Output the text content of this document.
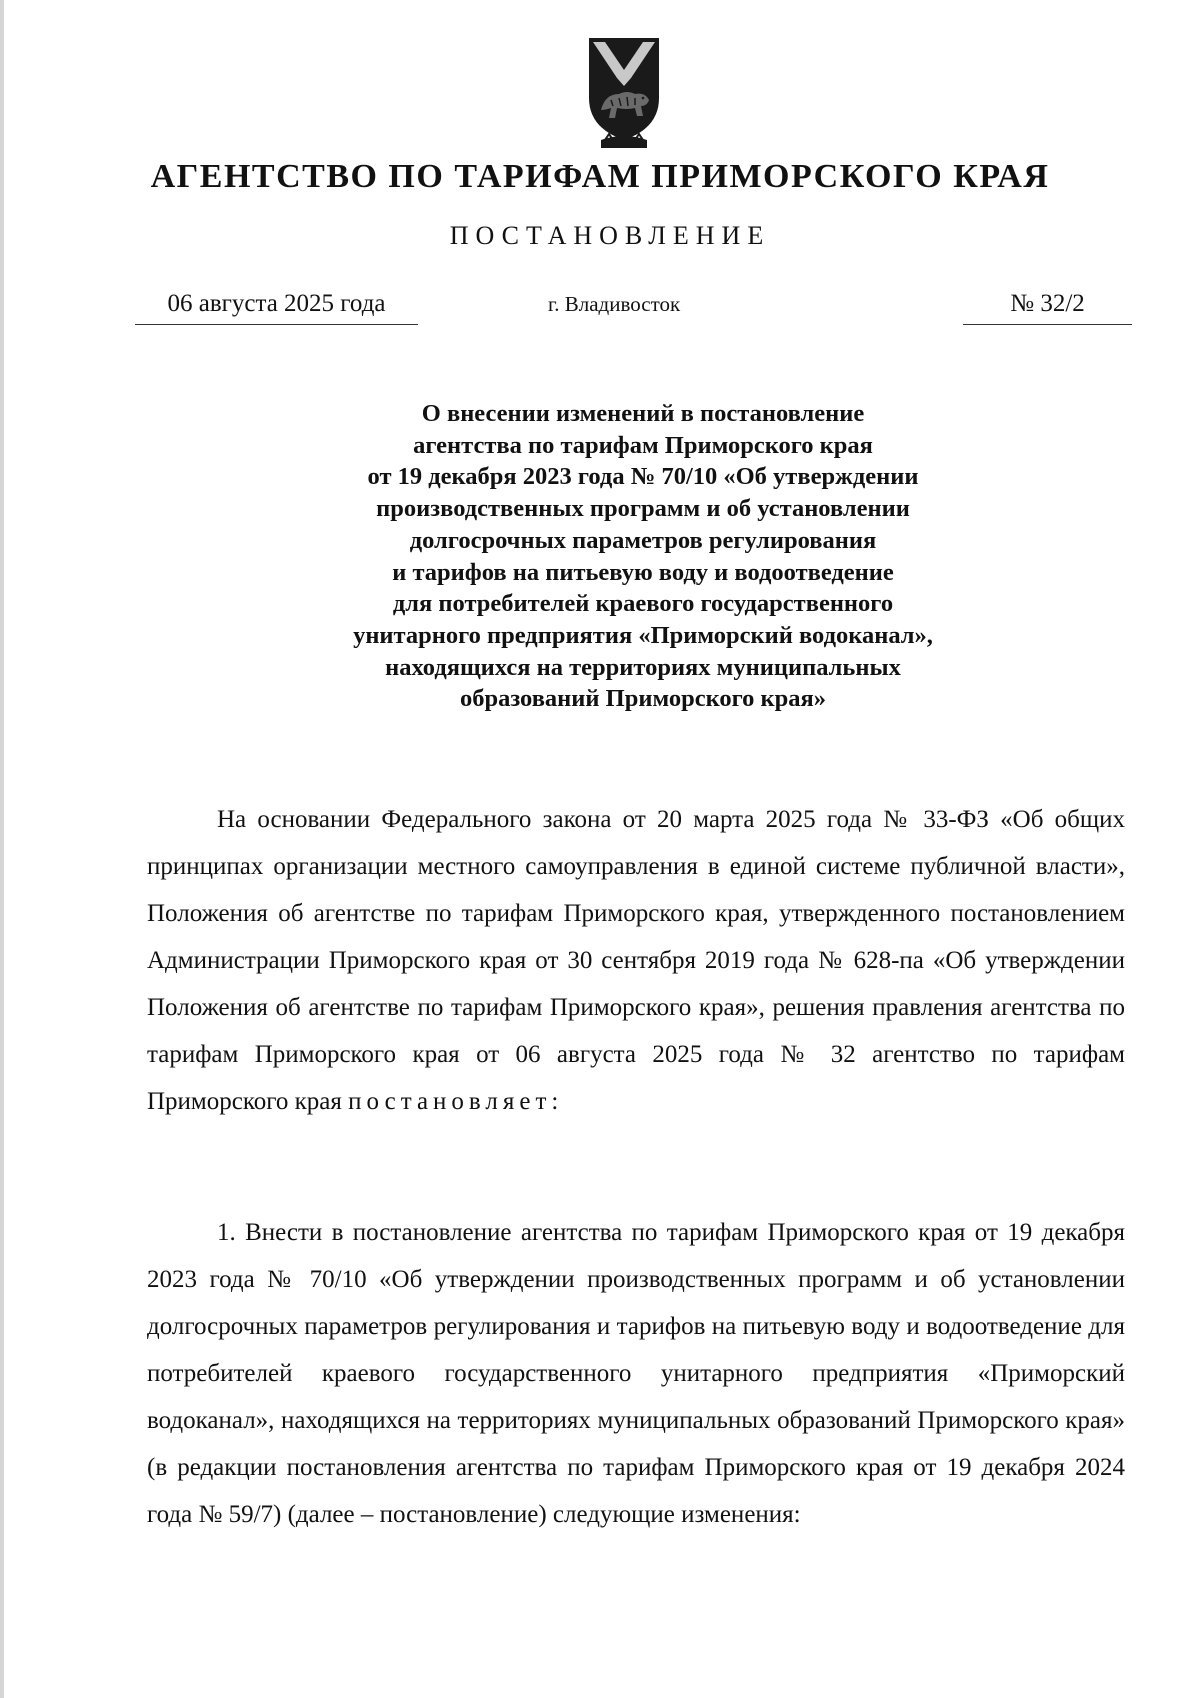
АГЕНТСТВО ПО ТАРИФАМ ПРИМОРСКОГО КРАЯ
ПОСТАНОВЛЕНИЕ
06 августа 2025 года	г. Владивосток	№ 32/2
О внесении изменений в постановление
агентства по тарифам Приморского края
от 19 декабря 2023 года № 70/10 «Об утверждении
производственных программ и об установлении
долгосрочных параметров регулирования
и тарифов на питьевую воду и водоотведение
для потребителей краевого государственного
унитарного предприятия «Приморский водоканал»,
находящихся на территориях муниципальных
образований Приморского края»

На основании Федерального закона от 20 марта 2025 года № 33-ФЗ «Об общих принципах организации местного самоуправления в единой системе публичной власти», Положения об агентстве по тарифам Приморского края, утвержденного постановлением Администрации Приморского края от 30 сентября 2019 года № 628-па «Об утверждении Положения об агентстве по тарифам Приморского края», решения правления агентства по тарифам Приморского края от 06 августа 2025 года № 32 агентство по тарифам Приморского края постановляет:

1. Внести в постановление агентства по тарифам Приморского края от 19 декабря 2023 года № 70/10 «Об утверждении производственных программ и об установлении долгосрочных параметров регулирования и тарифов на питьевую воду и водоотведение для потребителей краевого государственного унитарного предприятия «Приморский водоканал», находящихся на территориях муниципальных образований Приморского края» (в редакции постановления агентства по тарифам Приморского края от 19 декабря 2024 года № 59/7) (далее – постановление) следующие изменения:
